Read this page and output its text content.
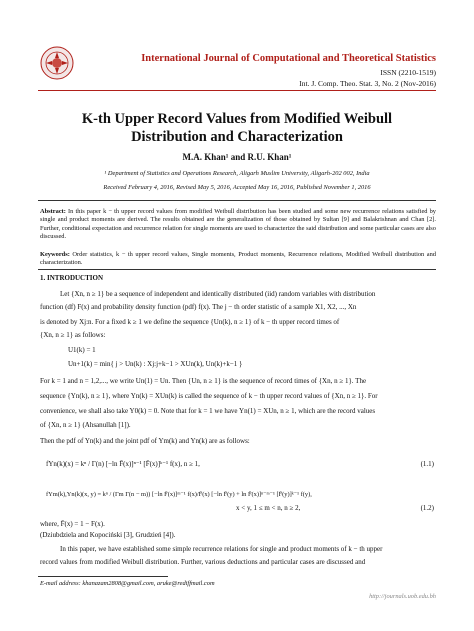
International Journal of Computational and Theoretical Statistics
ISSN (2210-1519)
Int. J. Comp. Theo. Stat. 3, No. 2 (Nov-2016)
K-th Upper Record Values from Modified Weibull
Distribution and Characterization
M.A. Khan¹ and R.U. Khan¹
¹ Department of Statistics and Operations Research, Aligarh Muslim University, Aligarh-202 002, India
Received February 4, 2016, Revised May 5, 2016, Accepted May 16, 2016, Published November 1, 2016
Abstract: In this paper k − th upper record values from modified Weibull distribution has been studied and some new recurrence relations satisfied by single and product moments are derived. The results obtained are the generalization of those obtained by Sultan [9] and Balakrishnan and Chan [2]. Further, conditional expectation and recurrence relation for single moments are used to characterize the said distribution and some particular cases are also discussed.
Keywords: Order statistics, k − th upper record values, Single moments, Product moments, Recurrence relations, Modified Weibull distribution and characterization.
1. INTRODUCTION
Let {Xn, n ≥ 1} be a sequence of independent and identically distributed (iid) random variables with distribution
function (df) F(x) and probability density function (pdf) f(x). The j − th order statistic of a sample X1, X2, ..., Xn
is denoted by Xj:n. For a fixed k ≥ 1 we define the sequence {Un(k), n ≥ 1} of k − th upper record times of
{Xn, n ≥ 1} as follows:
U1(k) = 1
Un+1(k) = min{ j > Un(k) : Xj:j+k−1 > XUn(k), Un(k)+k−1 }
For k = 1 and n = 1,2,..., we write Un(1) = Un. Then {Un, n ≥ 1} is the sequence of record times of {Xn, n ≥ 1}. The
sequence {Yn(k), n ≥ 1}, where Yn(k) = XUn(k) is called the sequence of k − th upper record values of {Xn, n ≥ 1}. For
convenience, we shall also take Y0(k) = 0. Note that for k = 1 we have Yn(1) = XUn, n ≥ 1, which are the record values
of {Xn, n ≥ 1} (Ahsanullah [1]).
Then the pdf of Yn(k) and the joint pdf of Ym(k) and Yn(k) are as follows:
fYn(k)(x) = kⁿ / Γ(n) [−ln F̄(x)]ⁿ⁻¹ [F̄(x)]ᵏ⁻¹ f(x), n ≥ 1,	(1.1)
fYm(k),Yn(k)(x, y) = kⁿ / (Γm Γ(n − m)) [−ln F̄(x)]ᵐ⁻¹ f(x)/F̄(x) [−ln F̄(y) + ln F̄(x)]ⁿ⁻ᵐ⁻¹ [F̄(y)]ᵏ⁻¹ f(y),
x < y, 1 ≤ m < n, n ≥ 2,	(1.2)
where, F̄(x) = 1 − F(x).
(Dziubdziela and Kopociński [3], Grudzień [4]).
In this paper, we have established some simple recurrence relations for single and product moments of k − th upper
record values from modified Weibull distribution. Further, various deductions and particular cases are discussed and
E-mail address: khanazam2808@gmail.com, aruke@rediffmail.com
http://journals.uob.edu.bh
